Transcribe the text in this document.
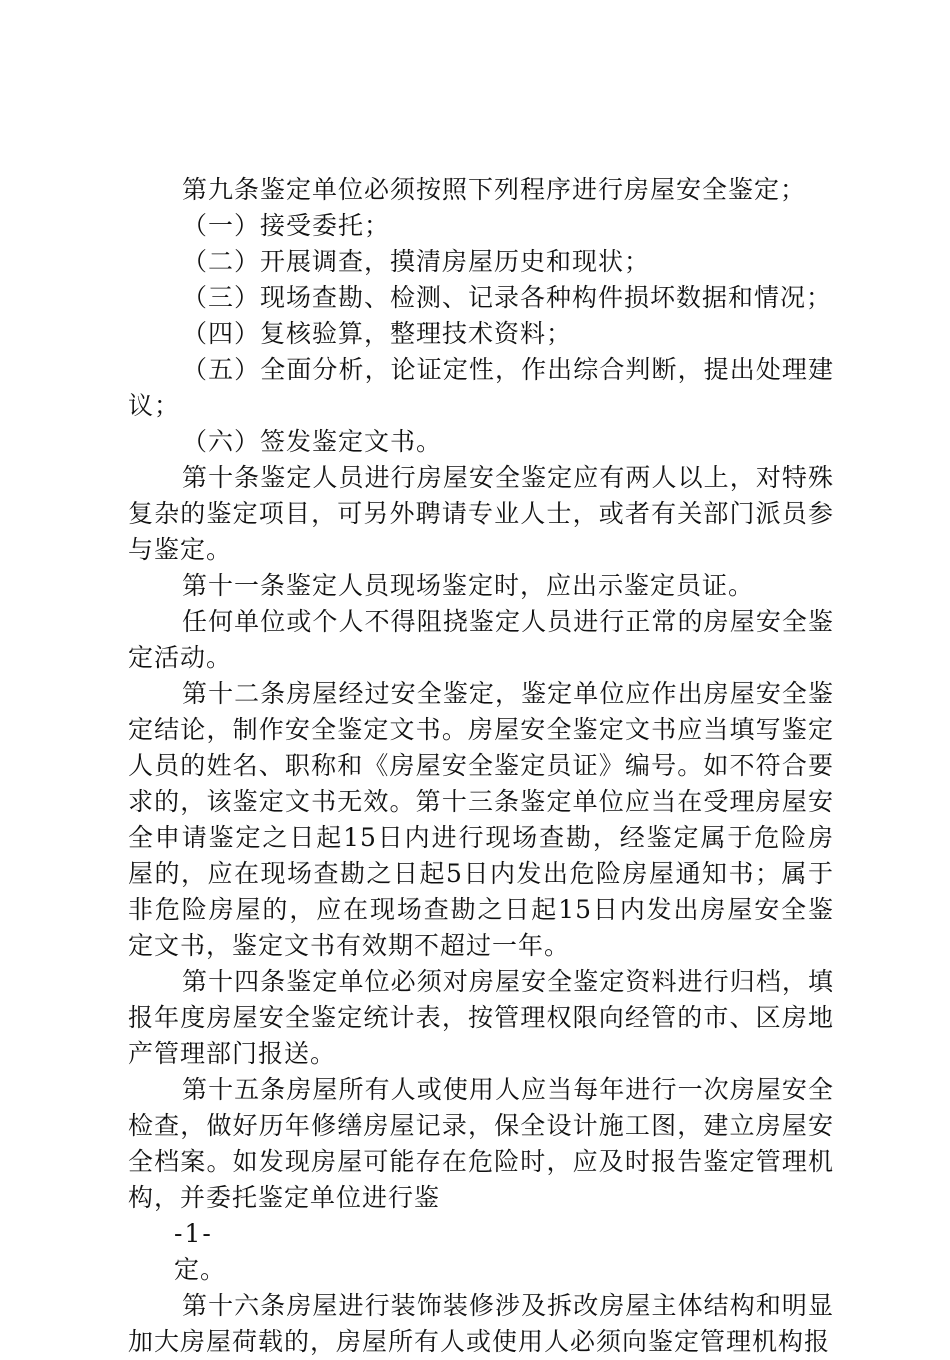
第九条鉴定单位必须按照下列程序进行房屋安全鉴定；

（一）接受委托；

（二）开展调查，摸清房屋历史和现状；

（三）现场查勘、检测、记录各种构件损坏数据和情况；

（四）复核验算，整理技术资料；

（五）全面分析，论证定性，作出综合判断，提出处理建议；

（六）签发鉴定文书。

第十条鉴定人员进行房屋安全鉴定应有两人以上，对特殊复杂的鉴定项目，可另外聘请专业人士，或者有关部门派员参与鉴定。

第十一条鉴定人员现场鉴定时，应出示鉴定员证。

任何单位或个人不得阻挠鉴定人员进行正常的房屋安全鉴定活动。

第十二条房屋经过安全鉴定，鉴定单位应作出房屋安全鉴定结论，制作安全鉴定文书。房屋安全鉴定文书应当填写鉴定人员的姓名、职称和《房屋安全鉴定员证》编号。如不符合要求的，该鉴定文书无效。第十三条鉴定单位应当在受理房屋安全申请鉴定之日起15日内进行现场查勘，经鉴定属于危险房屋的，应在现场查勘之日起5日内发出危险房屋通知书；属于非危险房屋的，应在现场查勘之日起15日内发出房屋安全鉴定文书，鉴定文书有效期不超过一年。

第十四条鉴定单位必须对房屋安全鉴定资料进行归档，填报年度房屋安全鉴定统计表，按管理权限向经管的市、区房地产管理部门报送。

第十五条房屋所有人或使用人应当每年进行一次房屋安全检查，做好历年修缮房屋记录，保全设计施工图，建立房屋安全档案。如发现房屋可能存在危险时，应及时报告鉴定管理机构，并委托鉴定单位进行鉴

-1-

定。

第十六条房屋进行装饰装修涉及拆改房屋主体结构和明显加大房屋荷载的，房屋所有人或使用人必须向鉴定管理机构报
